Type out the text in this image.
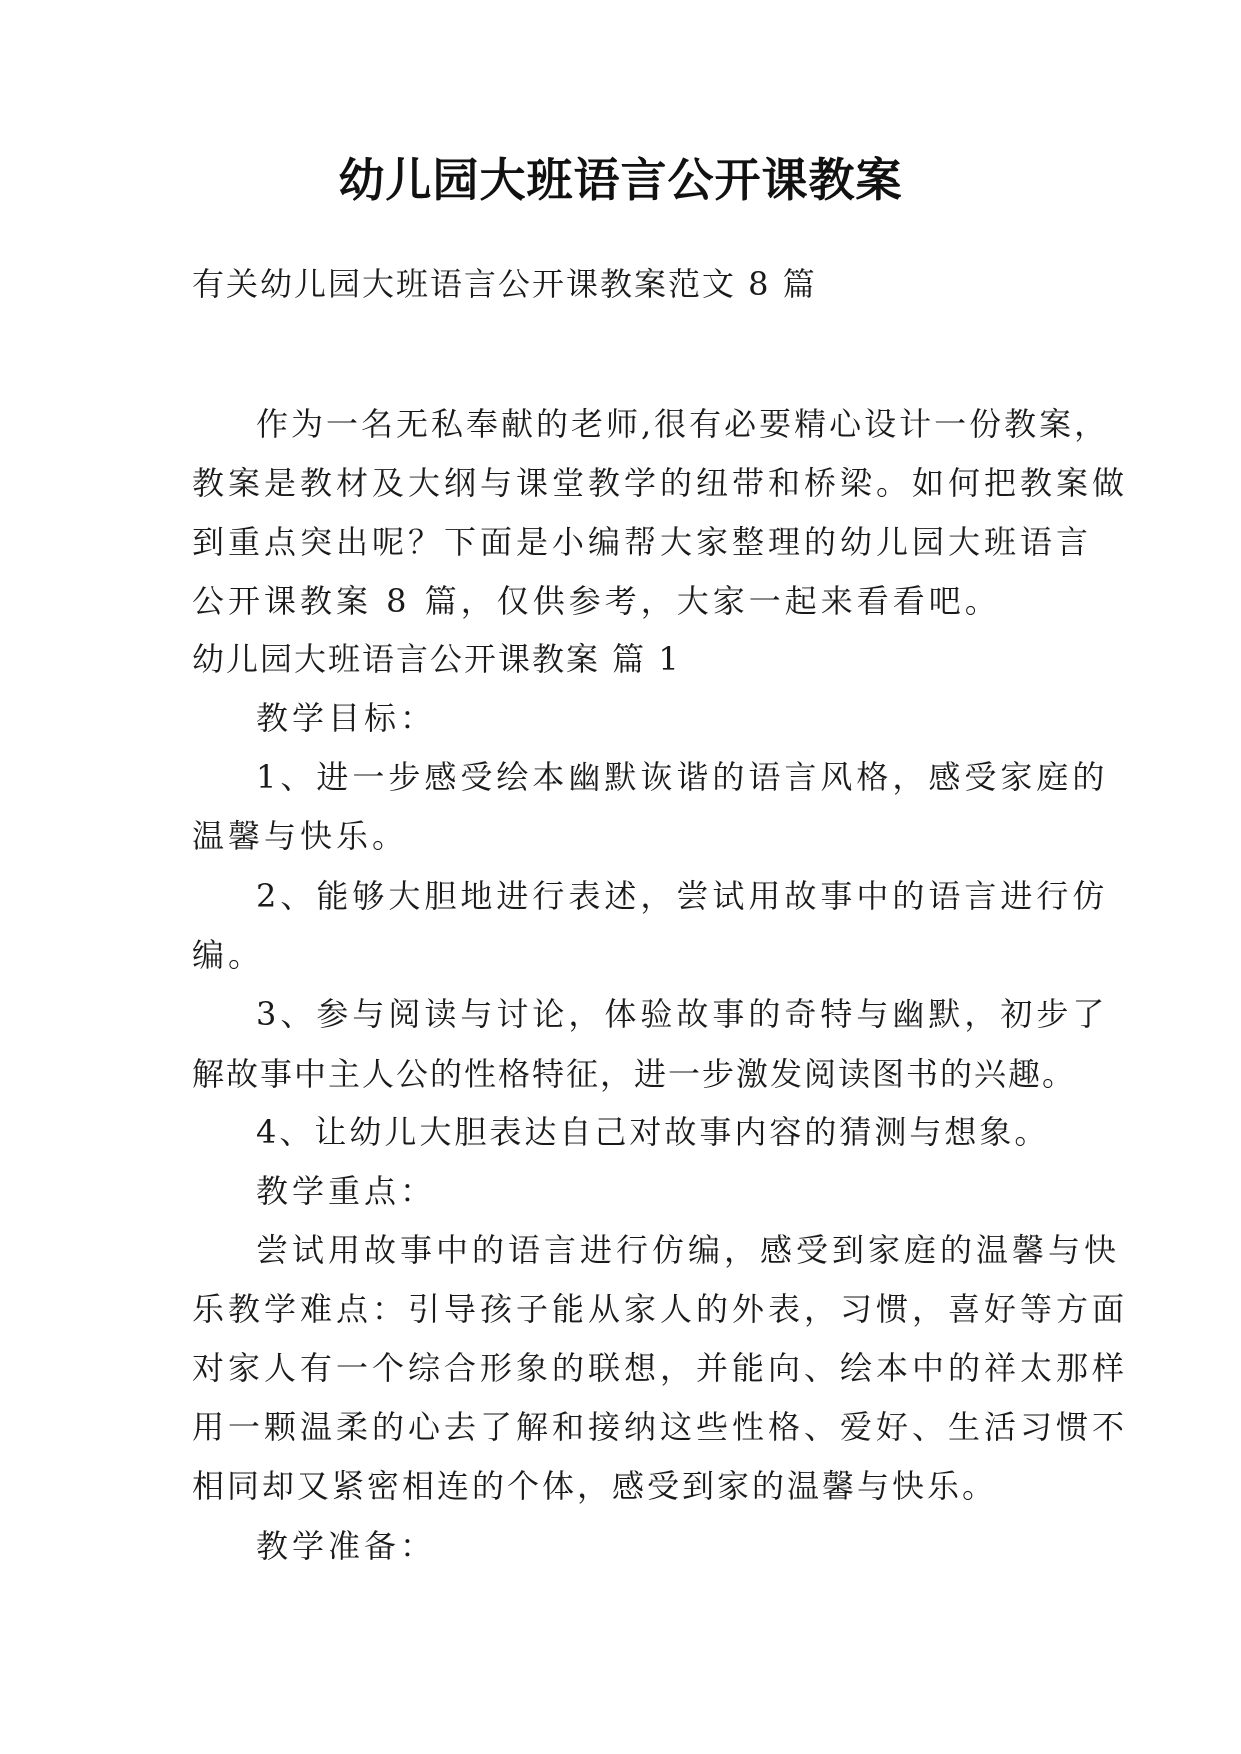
幼儿园大班语言公开课教案
有关幼儿园大班语言公开课教案范文 8 篇
作为一名无私奉献的老师,很有必要精心设计一份教案，
教案是教材及大纲与课堂教学的纽带和桥梁。如何把教案做
到重点突出呢？下面是小编帮大家整理的幼儿园大班语言
公开课教案 8 篇，仅供参考，大家一起来看看吧。
幼儿园大班语言公开课教案 篇 1
教学目标：
1、进一步感受绘本幽默诙谐的语言风格，感受家庭的
温馨与快乐。
2、能够大胆地进行表述，尝试用故事中的语言进行仿
编。
3、参与阅读与讨论，体验故事的奇特与幽默，初步了
解故事中主人公的性格特征，进一步激发阅读图书的兴趣。
4、让幼儿大胆表达自己对故事内容的猜测与想象。
教学重点：
尝试用故事中的语言进行仿编，感受到家庭的温馨与快
乐教学难点：引导孩子能从家人的外表，习惯，喜好等方面
对家人有一个综合形象的联想，并能向、绘本中的祥太那样
用一颗温柔的心去了解和接纳这些性格、爱好、生活习惯不
相同却又紧密相连的个体，感受到家的温馨与快乐。
教学准备：
